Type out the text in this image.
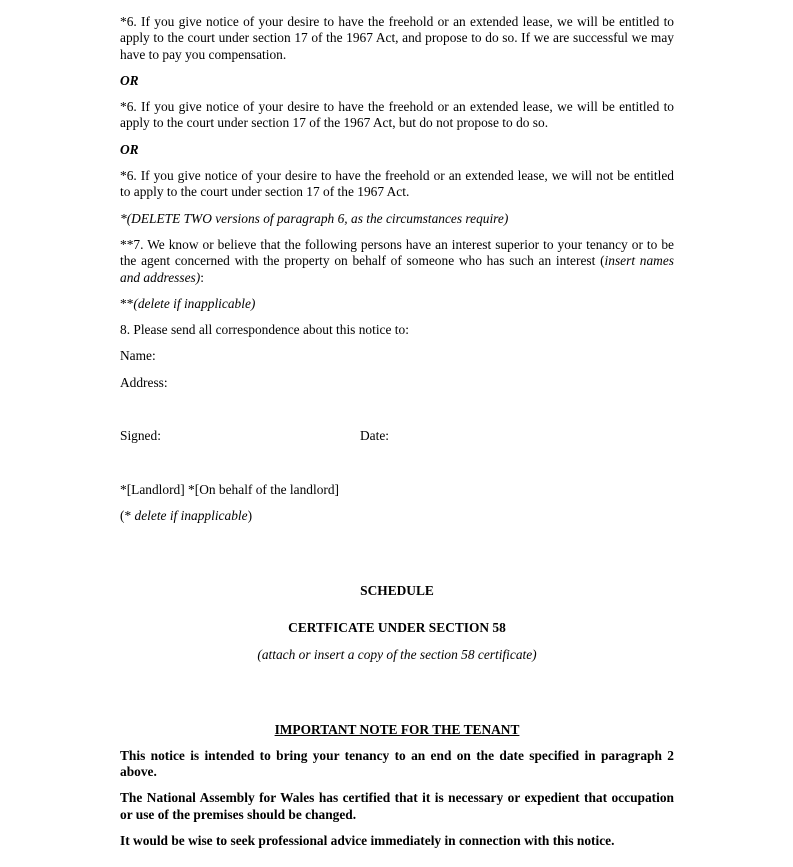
*6. If you give notice of your desire to have the freehold or an extended lease, we will be entitled to apply to the court under section 17 of the 1967 Act, and propose to do so. If we are successful we may have to pay you compensation.

OR

*6. If you give notice of your desire to have the freehold or an extended lease, we will be entitled to apply to the court under section 17 of the 1967 Act, but do not propose to do so.

OR

*6. If you give notice of your desire to have the freehold or an extended lease, we will not be entitled to apply to the court under section 17 of the 1967 Act.

*(DELETE TWO versions of paragraph 6, as the circumstances require)

**7. We know or believe that the following persons have an interest superior to your tenancy or to be the agent concerned with the property on behalf of someone who has such an interest (insert names and addresses):

**(delete if inapplicable)

8. Please send all correspondence about this notice to:

Name:

Address:

Signed:	Date:

*[Landlord] *[On behalf of the landlord]

(* delete if inapplicable)

SCHEDULE

CERTFICATE UNDER SECTION 58

(attach or insert a copy of the section 58 certificate)

IMPORTANT NOTE FOR THE TENANT

This notice is intended to bring your tenancy to an end on the date specified in paragraph 2 above.

The National Assembly for Wales has certified that it is necessary or expedient that occupation or use of the premises should be changed.

It would be wise to seek professional advice immediately in connection with this notice.
